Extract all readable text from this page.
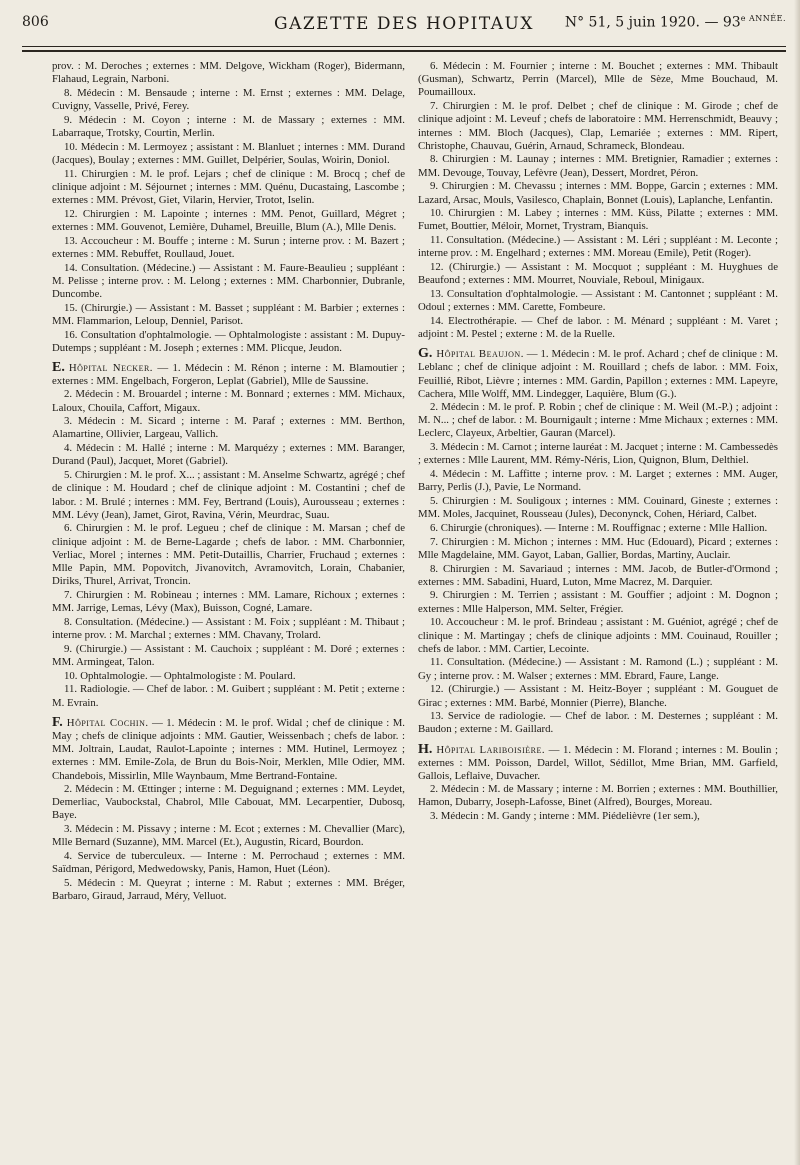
806	GAZETTE DES HOPITAUX	N° 51, 5 juin 1920. — $93^{e ANNÉE.}$

prov. : M. Deroches ; externes : MM. Delgove, Wickham (Roger), Bidermann, Flahaud, Legrain, Narboni.

8. Médecin : M. Bensaude ; interne : M. Ernst ; externes : MM. Delage, Cuvigny, Vasselle, Privé, Ferey.

9. Médecin : M. Coyon ; interne : M. de Massary ; externes : MM. Labarraque, Trotsky, Courtin, Merlin.

10. Médecin : M. Lermoyez ; assistant : M. Blanluet ; internes : MM. Durand (Jacques), Boulay ; externes : MM. Guillet, Delpérier, Soulas, Woirin, Doniol.

11. Chirurgien : M. le prof. Lejars ; chef de clinique : M. Brocq ; chef de clinique adjoint : M. Séjournet ; internes : MM. Quénu, Ducastaing, Lascombe ; externes : MM. Prévost, Giet, Vilarin, Hervier, Trotot, Iselin.

12. Chirurgien : M. Lapointe ; internes : MM. Penot, Guillard, Mégret ; externes : MM. Gouvenot, Lemière, Duhamel, Breuille, Blum (A.), Mlle Denis.

13. Accoucheur : M. Bouffe ; interne : M. Surun ; interne prov. : M. Bazert ; externes : MM. Rebuffet, Roullaud, Jouet.

14. Consultation. (Médecine.) — Assistant : M. Faure-Beaulieu ; suppléant : M. Pelisse ; interne prov. : M. Lelong ; externes : MM. Charbonnier, Dubranle, Duncombe.

15. (Chirurgie.) — Assistant : M. Basset ; suppléant : M. Barbier ; externes : MM. Flammarion, Leloup, Denniel, Parisot.

16. Consultation d'ophtalmologie. — Ophtalmologiste : assistant : M. Dupuy-Dutemps ; suppléant : M. Joseph ; externes : MM. Plicque, Jeudon.

E. Hôpital Necker. — 1. Médecin : M. Rénon ; interne : M. Blamoutier ; externes : MM. Engelbach, Forgeron, Leplat (Gabriel), Mlle de Saussine.

2. Médecin : M. Brouardel ; interne : M. Bonnard ; externes : MM. Michaux, Laloux, Chouila, Caffort, Migaux.

3. Médecin : M. Sicard ; interne : M. Paraf ; externes : MM. Berthon, Alamartine, Ollivier, Largeau, Vallich.

4. Médecin : M. Hallé ; interne : M. Marquézy ; externes : MM. Baranger, Durand (Paul), Jacquet, Moret (Gabriel).

5. Chirurgien : M. le prof. X... ; assistant : M. Anselme Schwartz, agrégé ; chef de clinique : M. Houdard ; chef de clinique adjoint : M. Costantini ; chef de labor. : M. Brulé ; internes : MM. Fey, Bertrand (Louis), Aurousseau ; externes : MM. Lévy (Jean), Jamet, Girot, Ravina, Vérin, Meurdrac, Suau.

6. Chirurgien : M. le prof. Legueu ; chef de clinique : M. Marsan ; chef de clinique adjoint : M. de Berne-Lagarde ; chefs de labor. : MM. Charbonnier, Verliac, Morel ; internes : MM. Petit-Dutaillis, Charrier, Fruchaud ; externes : Mlle Papin, MM. Popovitch, Jivanovitch, Avramovitch, Lorain, Chabanier, Diriks, Thurel, Arrivat, Troncin.

7. Chirurgien : M. Robineau ; internes : MM. Lamare, Richoux ; externes : MM. Jarrige, Lemas, Lévy (Max), Buisson, Cogné, Lamare.

8. Consultation. (Médecine.) — Assistant : M. Foix ; suppléant : M. Thibaut ; interne prov. : M. Marchal ; externes : MM. Chavany, Trolard.

9. (Chirurgie.) — Assistant : M. Cauchoix ; suppléant : M. Doré ; externes : MM. Armingeat, Talon.

10. Ophtalmologie. — Ophtalmologiste : M. Poulard.

11. Radiologie. — Chef de labor. : M. Guibert ; suppléant : M. Petit ; externe : M. Evrain.

F. Hôpital Cochin. — 1. Médecin : M. le prof. Widal ; chef de clinique : M. May ; chefs de clinique adjoints : MM. Gautier, Weissenbach ; chefs de labor. : MM. Joltrain, Laudat, Raulot-Lapointe ; internes : MM. Hutinel, Lermoyez ; externes : MM. Emile-Zola, de Brun du Bois-Noir, Merklen, Mlle Odier, MM. Chandebois, Missirlin, Mlle Waynbaum, Mme Bertrand-Fontaine.

2. Médecin : M. Œttinger ; interne : M. Deguignand ; externes : MM. Leydet, Demerliac, Vaubockstal, Chabrol, Mlle Cabouat, MM. Lecarpentier, Dubosq, Baye.

3. Médecin : M. Pissavy ; interne : M. Ecot ; externes : M. Chevallier (Marc), Mlle Bernard (Suzanne), MM. Marcel (Et.), Augustin, Ricard, Bourdon.

4. Service de tuberculeux. — Interne : M. Perrochaud ; externes : MM. Saïdman, Périgord, Medwedowsky, Panis, Hamon, Huet (Léon).

5. Médecin : M. Queyrat ; interne : M. Rabut ; externes : MM. Bréger, Barbaro, Giraud, Jarraud, Méry, Velluot.

6. Médecin : M. Fournier ; interne : M. Bouchet ; externes : MM. Thibault (Gusman), Schwartz, Perrin (Marcel), Mlle de Sèze, Mme Bouchaud, M. Poumailloux.

7. Chirurgien : M. le prof. Delbet ; chef de clinique : M. Girode ; chef de clinique adjoint : M. Leveuf ; chefs de laboratoire : MM. Herrenschmidt, Beauvy ; internes : MM. Bloch (Jacques), Clap, Lemariée ; externes : MM. Ripert, Christophe, Chauvau, Guérin, Arnaud, Schrameck, Blondeau.

8. Chirurgien : M. Launay ; internes : MM. Bretignier, Ramadier ; externes : MM. Devouge, Touvay, Lefèvre (Jean), Dessert, Mordret, Péron.

9. Chirurgien : M. Chevassu ; internes : MM. Boppe, Garcin ; externes : MM. Lazard, Arsac, Mouls, Vasilesco, Chaplain, Bonnet (Louis), Laplanche, Lenfantin.

10. Chirurgien : M. Labey ; internes : MM. Küss, Pilatte ; externes : MM. Fumet, Bouttier, Méloir, Mornet, Trystram, Bianquis.

11. Consultation. (Médecine.) — Assistant : M. Léri ; suppléant : M. Leconte ; interne prov. : M. Engelhard ; externes : MM. Moreau (Emile), Petit (Roger).

12. (Chirurgie.) — Assistant : M. Mocquot ; suppléant : M. Huyghues de Beaufond ; externes : MM. Mourret, Nouviale, Reboul, Minigaux.

13. Consultation d'ophtalmologie. — Assistant : M. Cantonnet ; suppléant : M. Odoul ; externes : MM. Carette, Fombeure.

14. Electrothérapie. — Chef de labor. : M. Ménard ; suppléant : M. Varet ; adjoint : M. Pestel ; externe : M. de la Ruelle.

G. Hôpital Beaujon. — 1. Médecin : M. le prof. Achard ; chef de clinique : M. Leblanc ; chef de clinique adjoint : M. Rouillard ; chefs de labor. : MM. Foix, Feuillié, Ribot, Lièvre ; internes : MM. Gardin, Papillon ; externes : MM. Lapeyre, Cachera, Mlle Wolff, MM. Lindegger, Laquière, Blum (G.).

2. Médecin : M. le prof. P. Robin ; chef de clinique : M. Weil (M.-P.) ; adjoint : M. N... ; chef de labor. : M. Bournigault ; interne : Mme Michaux ; externes : MM. Leclerc, Clayeux, Arbeltier, Gauran (Marcel).

3. Médecin : M. Carnot ; interne lauréat : M. Jacquet ; interne : M. Cambessedès ; externes : Mlle Laurent, MM. Rémy-Néris, Lion, Quignon, Blum, Delthiel.

4. Médecin : M. Laffitte ; interne prov. : M. Larget ; externes : MM. Auger, Barry, Perlis (J.), Pavie, Le Normand.

5. Chirurgien : M. Souligoux ; internes : MM. Couinard, Gineste ; externes : MM. Moles, Jacquinet, Rousseau (Jules), Deconynck, Cohen, Hériard, Calbet.

6. Chirurgie (chroniques). — Interne : M. Rouffignac ; externe : Mlle Hallion.

7. Chirurgien : M. Michon ; internes : MM. Huc (Edouard), Picard ; externes : Mlle Magdelaine, MM. Gayot, Laban, Gallier, Bordas, Martiny, Auclair.

8. Chirurgien : M. Savariaud ; internes : MM. Jacob, de Butler-d'Ormond ; externes : MM. Sabadini, Huard, Luton, Mme Macrez, M. Darquier.

9. Chirurgien : M. Terrien ; assistant : M. Gouffier ; adjoint : M. Dognon ; externes : Mlle Halperson, MM. Selter, Frégier.

10. Accoucheur : M. le prof. Brindeau ; assistant : M. Guéniot, agrégé ; chef de clinique : M. Martingay ; chefs de clinique adjoints : MM. Couinaud, Rouiller ; chefs de labor. : MM. Cartier, Lecointe.

11. Consultation. (Médecine.) — Assistant : M. Ramond (L.) ; suppléant : M. Gy ; interne prov. : M. Walser ; externes : MM. Ebrard, Faure, Lange.

12. (Chirurgie.) — Assistant : M. Heitz-Boyer ; suppléant : M. Gouguet de Girac ; externes : MM. Barbé, Monnier (Pierre), Blanche.

13. Service de radiologie. — Chef de labor. : M. Desternes ; suppléant : M. Baudon ; externe : M. Gaillard.

H. Hôpital Lariboisière. — 1. Médecin : M. Florand ; internes : M. Boulin ; externes : MM. Poisson, Dardel, Willot, Sédillot, Mme Brian, MM. Garfield, Gallois, Leflaive, Duvacher.

2. Médecin : M. de Massary ; interne : M. Borrien ; externes : MM. Bouthillier, Hamon, Dubarry, Joseph-Lafosse, Binet (Alfred), Bourges, Moreau.

3. Médecin : M. Gandy ; interne : MM. Piédelièvre (1er sem.),
